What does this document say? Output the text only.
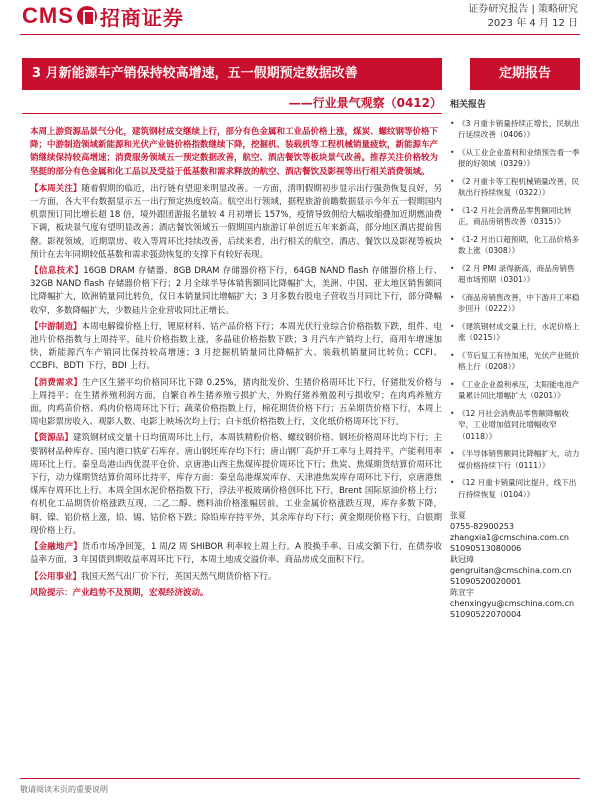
CMS 招商证券	证券研究报告 | 策略研究
2023 年 4 月 12 日
3 月新能源车产销保持较高增速，五一假期预定数据改善	定期报告
——行业景气观察（0412）

本周上游资源品景气分化，建筑钢材成交继续上行，部分有色金属和工业品价格上涨，煤炭、螺纹钢等价格下降；中游制造领域新能源和光伏产业链价格指数继续下降，挖掘机、装载机等工程机械销量疲软，新能源车产销继续保持较高增速；消费服务领域五一预定数据改善，航空、酒店餐饮等板块景气改善。推荐关注价格较为坚挺的部分有色金属和化工品以及受益于低基数和需求释放的航空、酒店餐饮及影视等出行相关消费领域。

【本周关注】随着假期的临近，出行链有望迎来明显改善。一方面，清明假期初步显示出行强劲恢复良好，另一方面，各大平台数据显示五一出行预定热度较高。航空出行领域，据程旅游前瞻数据显示今年五一假期国内机票预订同比增长超 18 倍，境外跟团游报名量较 4 月初增长 157%，疫情导致佣给大幅收缩叠加近期燃油费下调，板块景气度有望明显改善；酒店餐饮领域五一假期国内旅游订单创近五年来新高，部分地区酒店提前售罄。影视领域，近期票房、收入等周环比持续改善，后续来看，出行相关的航空、酒店、餐饮以及影视等板块预计在去年同期较低基数和需求强劲恢复的支撑下有较好表现。

【信息技术】16GB DRAM 存储器、8GB DRAM 存储器价格下行，64GB NAND flash 存储器价格上行、32GB NAND flash 存储器价格下行；2 月全球半导体销售额同比降幅扩大，美洲、中国、亚太地区销售额同比降幅扩大，欧洲销量同比转负，仅日本销量同比增幅扩大；3 月多数台股电子营收当月同比下行，部分降幅收窄，多数降幅扩大，少数硅片企业营收同比正增长。

【中游制造】本周电解镍价格上行，锂原材料、钴产品价格下行；本周光伏行业综合价格指数下跌，组件、电池片价格指数与上周持平，硅片价格指数上涨，多晶硅价格指数下跌；3 月汽车产销均上行，商用车增速加快，新能源汽车产销同比保持较高增速；3 月挖掘机销量同比降幅扩大、装载机销量同比转负；CCFI、CCBFI、BDTI 下行，BDI 上行。

【消费需求】生产区生猪平均价格同环比下降 0.25%，猪肉批发价、生猪价格周环比下行，仔猪批发价格与上周持平；在生猪养殖利润方面，自繁自养生猪养殖亏损扩大，外购仔猪养殖盈利亏损收窄；在肉鸡养殖方面，肉鸡苗价格、鸡肉价格周环比下行；蔬菜价格指数上行，棉花期货价格下行；五朵期货价格下行，本周上周电影票房收入、观影人数、电影上映场次均上行；白卡纸价格指数上行，文化纸价格周环比下行。

【资源品】建筑钢材成交量十日均值周环比上行，本周铁精粉价格、螺纹钢价格、钢坯价格周环比均下行；主要钢材品种库存、国内港口铁矿石库存、唐山钢坯库存均下行；唐山钢厂高炉开工率与上周持平，产能利用率周环比上行。秦皇岛港山西优混平仓价、京唐港山西主焦煤库提价周环比下行；焦炭、焦煤期货结算价周环比下行，动力煤期货结算价周环比持平，库存方面：秦皇岛港煤炭库存、天津港焦炭库存周环比下行，京唐港焦煤库存周环比上行。本周全国水泥价格指数下行，浮法平板玻璃价格创环比下行，Brent 国际原油价格上行；有机化工品期货价格涨跌互现，二乙二醇、燃料油价格涨幅居前，工业金属价格涨跌互现，库存多数下降，铜、镍、铝价格上涨，铅、锡、钴价格下跌；除铅库存持平外，其余库存均下行；黄金期现价格下行，白银期现价格上行。

【金融地产】货币市场净回笼，1 周/2 周 SHIBOR 利率较上周上行。A 股换手率、日成交额下行，在债券收益率方面，3 年国债到期收益率周环比下行，本周土地成交溢价率、商品房成交面积下行。

【公用事业】我国天然气出厂价下行，英国天然气期货价格下行。

风险提示：产业趋势不及预期，宏观经济波动。

相关报告
• 《3 月重卡销量持续正增长，民航出行延续改善（0406）》
• 《从工业企业盈利和业绩预告看一季报的好领域（0329）》
• 《2 月重卡等工程机械销量改善，民航出行持续恢复（0322）》
• 《1-2 月社会消费品零售额同比转正，商品房销售改善（0315）》
• 《1-2 月出口超预期，化工品价格多数上涨（0308）》
• 《2 月 PMI 录得新高，商品房销售超市场预期（0301）》
• 《商品房销售改善，中下游开工率稳步回升（0222）》
• 《建筑钢材成交量上行，水泥价格上涨（0215）》
• 《节后复工有待加速，光伏产业链价格上行（0208）》
• 《工业企业盈利承压，太阳能电池产量累计同比增幅扩大（0201）》
• 《12 月社会消费品零售额降幅收窄，工业增加值同比增幅收窄（0118）》
• 《半导体销售额同比降幅扩大，动力煤价格持续下行（0111）》
• 《12 月重卡销量同比提升，线下出行持续恢复（0104）》
张夏
0755-82900253
zhangxia1@cmschina.com.cn
S1090513080006
耿冠璋
gengruitan@cmschina.com.cn
S1090520020001
陈宣宇
chenxingyu@cmschina.com.cn
S1090522070004
敬请阅读末页的重要说明
